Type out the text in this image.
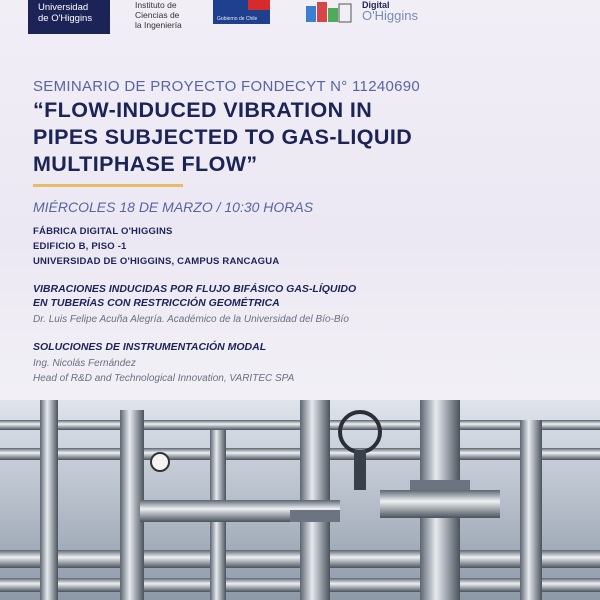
Universidad
de O'Higgins
Instituto de
Ciencias de
la Ingeniería
Gobierno de Chile
Digital
O'Higgins
SEMINARIO DE PROYECTO FONDECYT N° 11240690
“FLOW-INDUCED VIBRATION IN
PIPES SUBJECTED TO GAS-LIQUID
MULTIPHASE FLOW”
MIÉRCOLES 18 DE MARZO / 10:30 HORAS
FÁBRICA DIGITAL O'HIGGINS
EDIFICIO B, PISO -1
UNIVERSIDAD DE O'HIGGINS, CAMPUS RANCAGUA
VIBRACIONES INDUCIDAS POR FLUJO BIFÁSICO GAS-LÍQUIDO
EN TUBERÍAS CON RESTRICCIÓN GEOMÉTRICA
Dr. Luis Felipe Acuña Alegría. Académico de la Universidad del Bío-Bío
SOLUCIONES DE INSTRUMENTACIÓN MODAL
Ing. Nicolás Fernández
Head of R&D and Technological Innovation, VARITEC SPA
